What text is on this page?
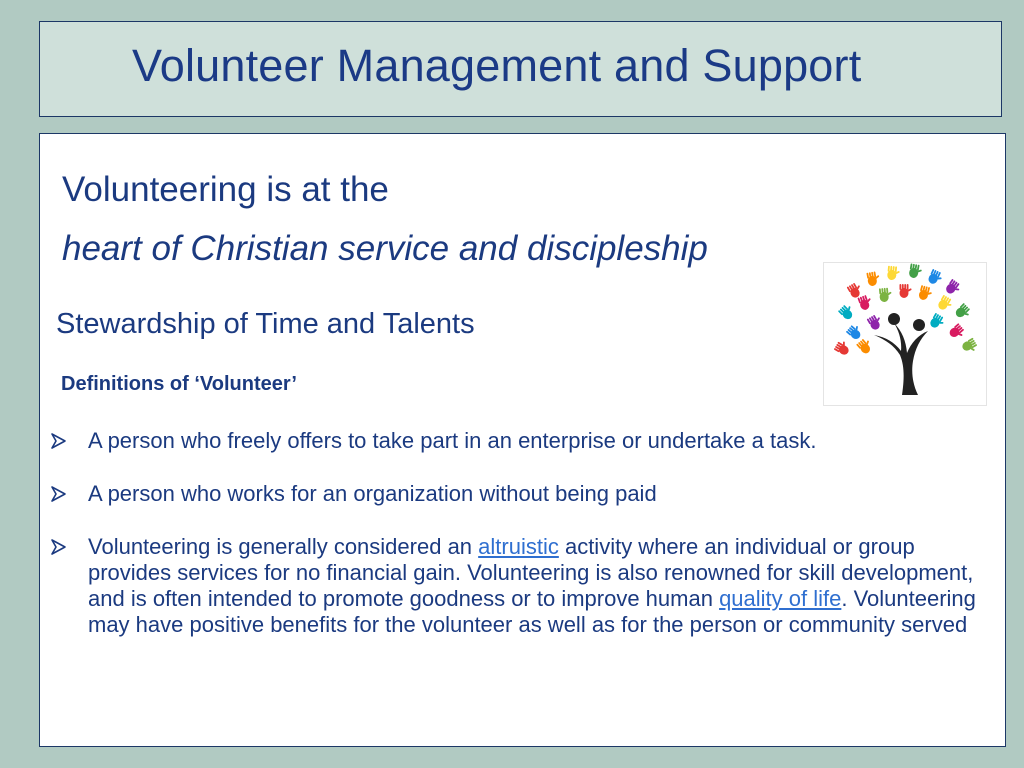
Volunteer Management and Support
Volunteering is at the
heart of Christian service and discipleship
Stewardship of Time and Talents
Definitions of ‘Volunteer’
A person who freely offers to take part in an enterprise or undertake a task.
A person who works for an organization without being paid
Volunteering is generally considered an altruistic activity where an individual or group provides services for no financial gain. Volunteering is also renowned for skill development, and is often intended to promote goodness or to improve human quality of life. Volunteering may have positive benefits for the volunteer as well as for the person or community served
